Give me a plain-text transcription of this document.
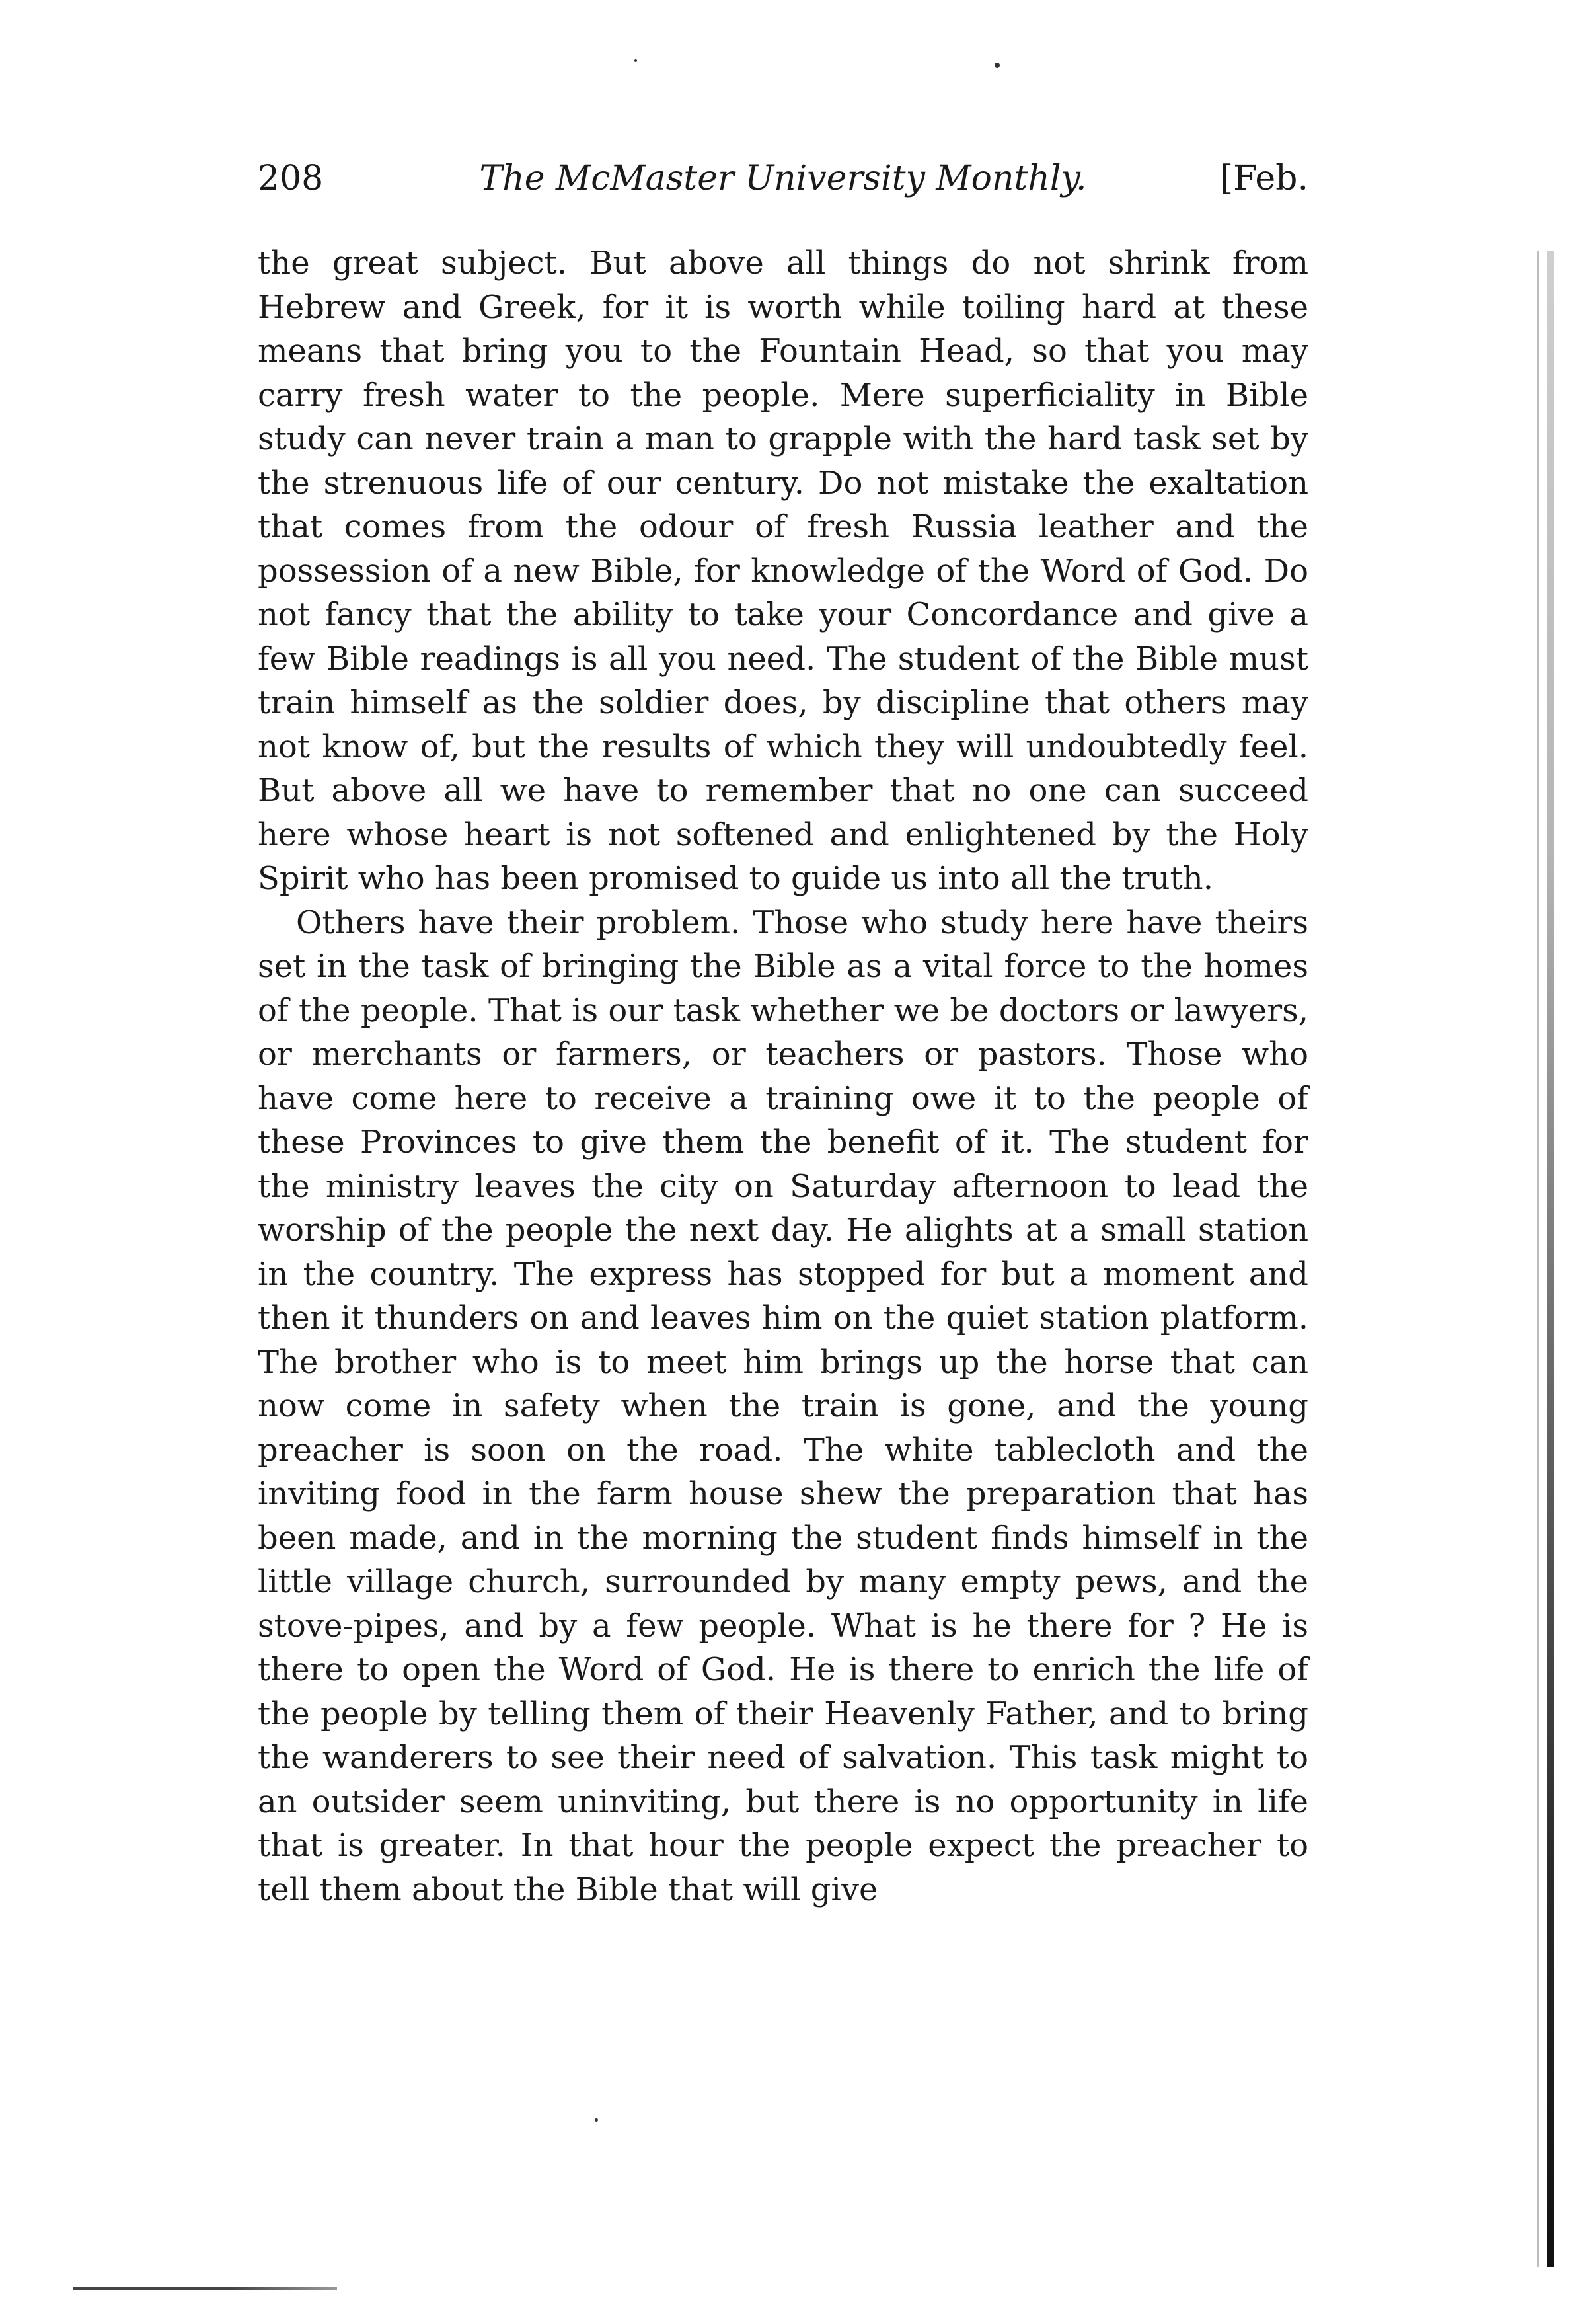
208	The McMaster University Monthly.	[Feb.

the great subject. But above all things do not shrink from Hebrew and Greek, for it is worth while toiling hard at these means that bring you to the Fountain Head, so that you may carry fresh water to the people. Mere superficiality in Bible study can never train a man to grapple with the hard task set by the strenuous life of our century. Do not mistake the exaltation that comes from the odour of fresh Russia leather and the possession of a new Bible, for knowledge of the Word of God. Do not fancy that the ability to take your Concordance and give a few Bible readings is all you need. The student of the Bible must train himself as the soldier does, by discipline that others may not know of, but the results of which they will undoubtedly feel. But above all we have to remember that no one can succeed here whose heart is not softened and enlightened by the Holy Spirit who has been promised to guide us into all the truth.

Others have their problem. Those who study here have theirs set in the task of bringing the Bible as a vital force to the homes of the people. That is our task whether we be doctors or lawyers, or merchants or farmers, or teachers or pastors. Those who have come here to receive a training owe it to the people of these Provinces to give them the benefit of it. The student for the ministry leaves the city on Saturday afternoon to lead the worship of the people the next day. He alights at a small station in the country. The express has stopped for but a moment and then it thunders on and leaves him on the quiet station platform. The brother who is to meet him brings up the horse that can now come in safety when the train is gone, and the young preacher is soon on the road. The white tablecloth and the inviting food in the farm house shew the preparation that has been made, and in the morning the student finds himself in the little village church, surrounded by many empty pews, and the stove-pipes, and by a few people. What is he there for ? He is there to open the Word of God. He is there to enrich the life of the people by telling them of their Heavenly Father, and to bring the wanderers to see their need of salvation. This task might to an outsider seem uninviting, but there is no opportunity in life that is greater. In that hour the people expect the preacher to tell them about the Bible that will give
